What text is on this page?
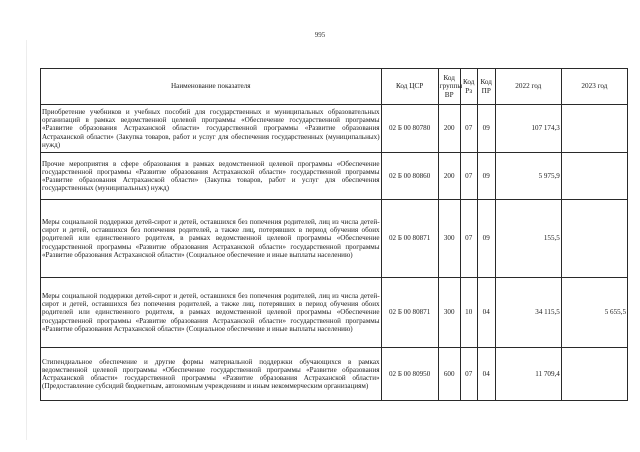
995
Наименование показателя	Код ЦСР	Код группы ВР	Код Рз	Код ПР	2022 год	2023 год
Приобретение учебников и учебных пособий для государственных и муниципальных образовательных организаций в рамках ведомственной целевой программы «Обеспечение государственной программы «Развитие образования Астраханской области» государственной программы «Развитие образования Астраханской области» (Закупка товаров, работ и услуг для обеспечения государственных (муниципальных) нужд)	02 Б 00 80780	200	07	09	107 174,3	
Прочие мероприятия в сфере образования в рамках ведомственной целевой программы «Обеспечение государственной программы «Развитие образования Астраханской области» государственной программы «Развитие образования Астраханской области» (Закупка товаров, работ и услуг для обеспечения государственных (муниципальных) нужд)	02 Б 00 80860	200	07	09	5 975,9	
Меры социальной поддержки детей-сирот и детей, оставшихся без попечения родителей, лиц из числа детей-сирот и детей, оставшихся без попечения родителей, а также лиц, потерявших в период обучения обоих родителей или единственного родителя, в рамках ведомственной целевой программы «Обеспечение государственной программы «Развитие образования Астраханской области» государственной программы «Развитие образования Астраханской области» (Социальное обеспечение и иные выплаты населению)	02 Б 00 80871	300	07	09	155,5	
Меры социальной поддержки детей-сирот и детей, оставшихся без попечения родителей, лиц из числа детей-сирот и детей, оставшихся без попечения родителей, а также лиц, потерявших в период обучения обоих родителей или единственного родителя, в рамках ведомственной целевой программы «Обеспечение государственной программы «Развитие образования Астраханской области» государственной программы «Развитие образования Астраханской области» (Социальное обеспечение и иные выплаты населению)	02 Б 00 80871	300	10	04	34 115,5	5 655,5
Стипендиальное обеспечение и другие формы материальной поддержки обучающихся в рамках ведомственной целевой программы «Обеспечение государственной программы «Развитие образования Астраханской области» государственной программы «Развитие образования Астраханской области» (Предоставление субсидий бюджетным, автономным учреждениям и иным некоммерческим организациям)	02 Б 00 80950	600	07	04	11 709,4	
